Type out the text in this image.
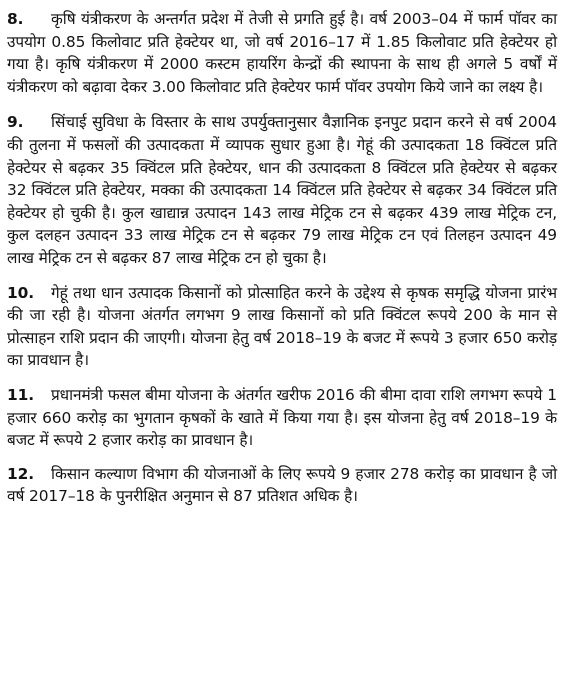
8. कृषि यंत्रीकरण के अन्तर्गत प्रदेश में तेजी से प्रगति हुई है। वर्ष 2003–04 में फार्म पॉवर का उपयोग 0.85 किलोवाट प्रति हेक्टेयर था, जो वर्ष 2016–17 में 1.85 किलोवाट प्रति हेक्टेयर हो गया है। कृषि यंत्रीकरण में 2000 कस्टम हायरिंग केन्द्रों की स्थापना के साथ ही अगले 5 वर्षों में यंत्रीकरण को बढ़ावा देकर 3.00 किलोवाट प्रति हेक्टेयर फार्म पॉवर उपयोग किये जाने का लक्ष्य है।

9. सिंचाई सुविधा के विस्तार के साथ उपर्युक्तानुसार वैज्ञानिक इनपुट प्रदान करने से वर्ष 2004 की तुलना में फसलों की उत्पादकता में व्यापक सुधार हुआ है। गेहूं की उत्पादकता 18 क्विंटल प्रति हेक्टेयर से बढ़कर 35 क्विंटल प्रति हेक्टेयर, धान की उत्पादकता 8 क्विंटल प्रति हेक्टेयर से बढ़कर 32 क्विंटल प्रति हेक्टेयर, मक्का की उत्पादकता 14 क्विंटल प्रति हेक्टेयर से बढ़कर 34 क्विंटल प्रति हेक्टेयर हो चुकी है। कुल खाद्यान्न उत्पादन 143 लाख मेट्रिक टन से बढ़कर 439 लाख मेट्रिक टन, कुल दलहन उत्पादन 33 लाख मेट्रिक टन से बढ़कर 79 लाख मेट्रिक टन एवं तिलहन उत्पादन 49 लाख मेट्रिक टन से बढ़कर 87 लाख मेट्रिक टन हो चुका है।

10. गेहूं तथा धान उत्पादक किसानों को प्रोत्साहित करने के उद्देश्य से कृषक समृद्धि योजना प्रारंभ की जा रही है। योजना अंतर्गत लगभग 9 लाख किसानों को प्रति क्विंटल रूपये 200 के मान से प्रोत्साहन राशि प्रदान की जाएगी। योजना हेतु वर्ष 2018–19 के बजट में रूपये 3 हजार 650 करोड़ का प्रावधान है।

11. प्रधानमंत्री फसल बीमा योजना के अंतर्गत खरीफ 2016 की बीमा दावा राशि लगभग रूपये 1 हजार 660 करोड़ का भुगतान कृषकों के खाते में किया गया है। इस योजना हेतु वर्ष 2018–19 के बजट में रूपये 2 हजार करोड़ का प्रावधान है।

12. किसान कल्याण विभाग की योजनाओं के लिए रूपये 9 हजार 278 करोड़ का प्रावधान है जो वर्ष 2017–18 के पुनरीक्षित अनुमान से 87 प्रतिशत अधिक है।
